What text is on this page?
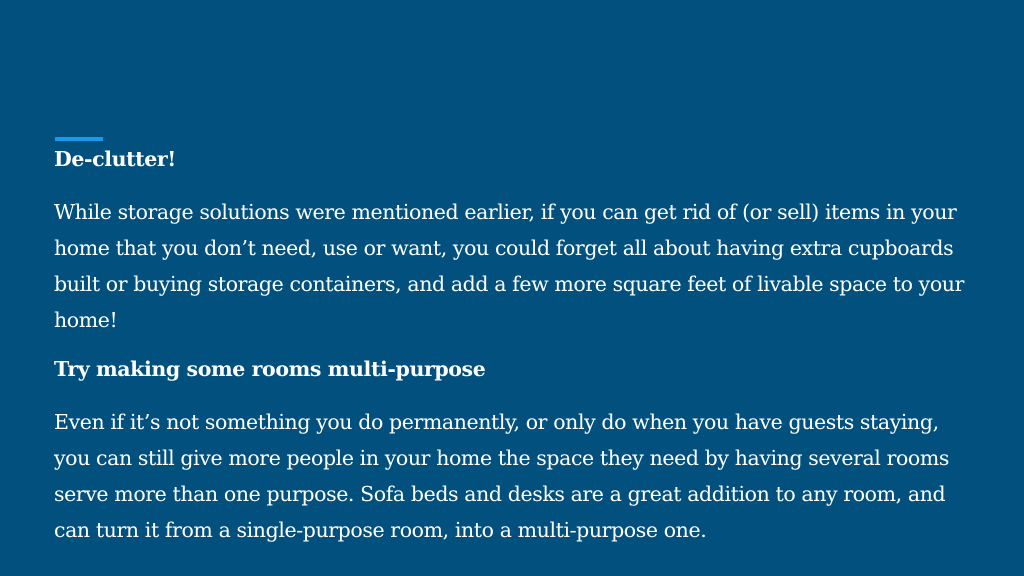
De-clutter!

While storage solutions were mentioned earlier, if you can get rid of (or sell) items in your home that you don’t need, use or want, you could forget all about having extra cupboards built or buying storage containers, and add a few more square feet of livable space to your home!

Try making some rooms multi-purpose

Even if it’s not something you do permanently, or only do when you have guests staying, you can still give more people in your home the space they need by having several rooms serve more than one purpose. Sofa beds and desks are a great addition to any room, and can turn it from a single-purpose room, into a multi-purpose one.
